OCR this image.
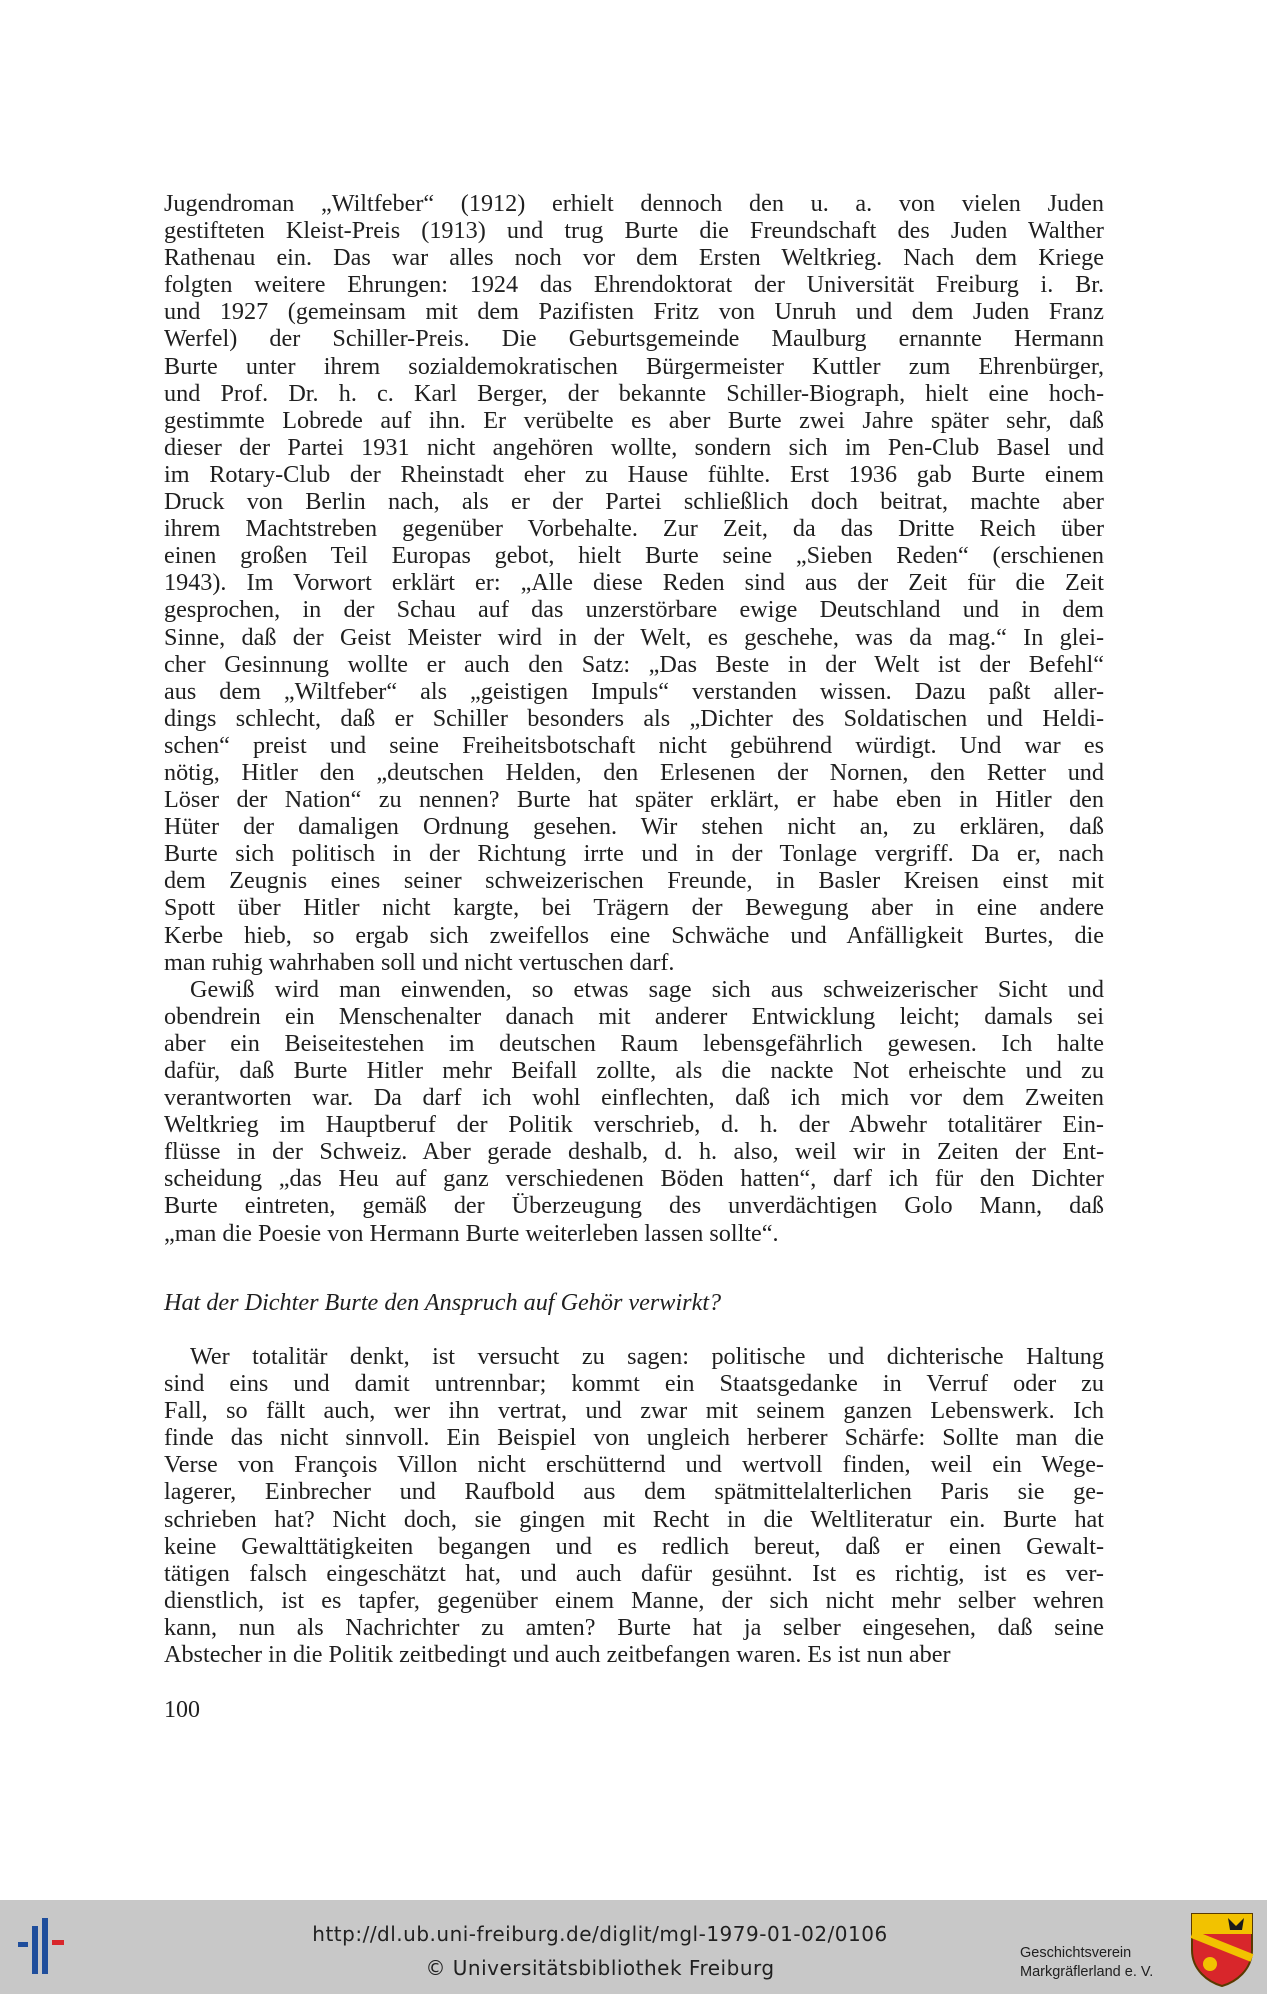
Jugendroman „Wiltfeber“ (1912) erhielt dennoch den u. a. von vielen Juden
gestifteten Kleist-Preis (1913) und trug Burte die Freundschaft des Juden Walther
Rathenau ein. Das war alles noch vor dem Ersten Weltkrieg. Nach dem Kriege
folgten weitere Ehrungen: 1924 das Ehrendoktorat der Universität Freiburg i. Br.
und 1927 (gemeinsam mit dem Pazifisten Fritz von Unruh und dem Juden Franz
Werfel) der Schiller-Preis. Die Geburtsgemeinde Maulburg ernannte Hermann
Burte unter ihrem sozialdemokratischen Bürgermeister Kuttler zum Ehrenbürger,
und Prof. Dr. h. c. Karl Berger, der bekannte Schiller-Biograph, hielt eine hoch-
gestimmte Lobrede auf ihn. Er verübelte es aber Burte zwei Jahre später sehr, daß
dieser der Partei 1931 nicht angehören wollte, sondern sich im Pen-Club Basel und
im Rotary-Club der Rheinstadt eher zu Hause fühlte. Erst 1936 gab Burte einem
Druck von Berlin nach, als er der Partei schließlich doch beitrat, machte aber
ihrem Machtstreben gegenüber Vorbehalte. Zur Zeit, da das Dritte Reich über
einen großen Teil Europas gebot, hielt Burte seine „Sieben Reden“ (erschienen
1943). Im Vorwort erklärt er: „Alle diese Reden sind aus der Zeit für die Zeit
gesprochen, in der Schau auf das unzerstörbare ewige Deutschland und in dem
Sinne, daß der Geist Meister wird in der Welt, es geschehe, was da mag.“ In glei-
cher Gesinnung wollte er auch den Satz: „Das Beste in der Welt ist der Befehl“
aus dem „Wiltfeber“ als „geistigen Impuls“ verstanden wissen. Dazu paßt aller-
dings schlecht, daß er Schiller besonders als „Dichter des Soldatischen und Heldi-
schen“ preist und seine Freiheitsbotschaft nicht gebührend würdigt. Und war es
nötig, Hitler den „deutschen Helden, den Erlesenen der Nornen, den Retter und
Löser der Nation“ zu nennen? Burte hat später erklärt, er habe eben in Hitler den
Hüter der damaligen Ordnung gesehen. Wir stehen nicht an, zu erklären, daß
Burte sich politisch in der Richtung irrte und in der Tonlage vergriff. Da er, nach
dem Zeugnis eines seiner schweizerischen Freunde, in Basler Kreisen einst mit
Spott über Hitler nicht kargte, bei Trägern der Bewegung aber in eine andere
Kerbe hieb, so ergab sich zweifellos eine Schwäche und Anfälligkeit Burtes, die
man ruhig wahrhaben soll und nicht vertuschen darf.
Gewiß wird man einwenden, so etwas sage sich aus schweizerischer Sicht und
obendrein ein Menschenalter danach mit anderer Entwicklung leicht; damals sei
aber ein Beiseitestehen im deutschen Raum lebensgefährlich gewesen. Ich halte
dafür, daß Burte Hitler mehr Beifall zollte, als die nackte Not erheischte und zu
verantworten war. Da darf ich wohl einflechten, daß ich mich vor dem Zweiten
Weltkrieg im Hauptberuf der Politik verschrieb, d. h. der Abwehr totalitärer Ein-
flüsse in der Schweiz. Aber gerade deshalb, d. h. also, weil wir in Zeiten der Ent-
scheidung „das Heu auf ganz verschiedenen Böden hatten“, darf ich für den Dichter
Burte eintreten, gemäß der Überzeugung des unverdächtigen Golo Mann, daß
„man die Poesie von Hermann Burte weiterleben lassen sollte“.
Hat der Dichter Burte den Anspruch auf Gehör verwirkt?
Wer totalitär denkt, ist versucht zu sagen: politische und dichterische Haltung
sind eins und damit untrennbar; kommt ein Staatsgedanke in Verruf oder zu
Fall, so fällt auch, wer ihn vertrat, und zwar mit seinem ganzen Lebenswerk. Ich
finde das nicht sinnvoll. Ein Beispiel von ungleich herberer Schärfe: Sollte man die
Verse von François Villon nicht erschütternd und wertvoll finden, weil ein Wege-
lagerer, Einbrecher und Raufbold aus dem spätmittelalterlichen Paris sie ge-
schrieben hat? Nicht doch, sie gingen mit Recht in die Weltliteratur ein. Burte hat
keine Gewalttätigkeiten begangen und es redlich bereut, daß er einen Gewalt-
tätigen falsch eingeschätzt hat, und auch dafür gesühnt. Ist es richtig, ist es ver-
dienstlich, ist es tapfer, gegenüber einem Manne, der sich nicht mehr selber wehren
kann, nun als Nachrichter zu amten? Burte hat ja selber eingesehen, daß seine
Abstecher in die Politik zeitbedingt und auch zeitbefangen waren. Es ist nun aber
100
http://dl.ub.uni-freiburg.de/diglit/mgl-1979-01-02/0106
© Universitätsbibliothek Freiburg
Geschichtsverein
Markgräflerland e. V.
